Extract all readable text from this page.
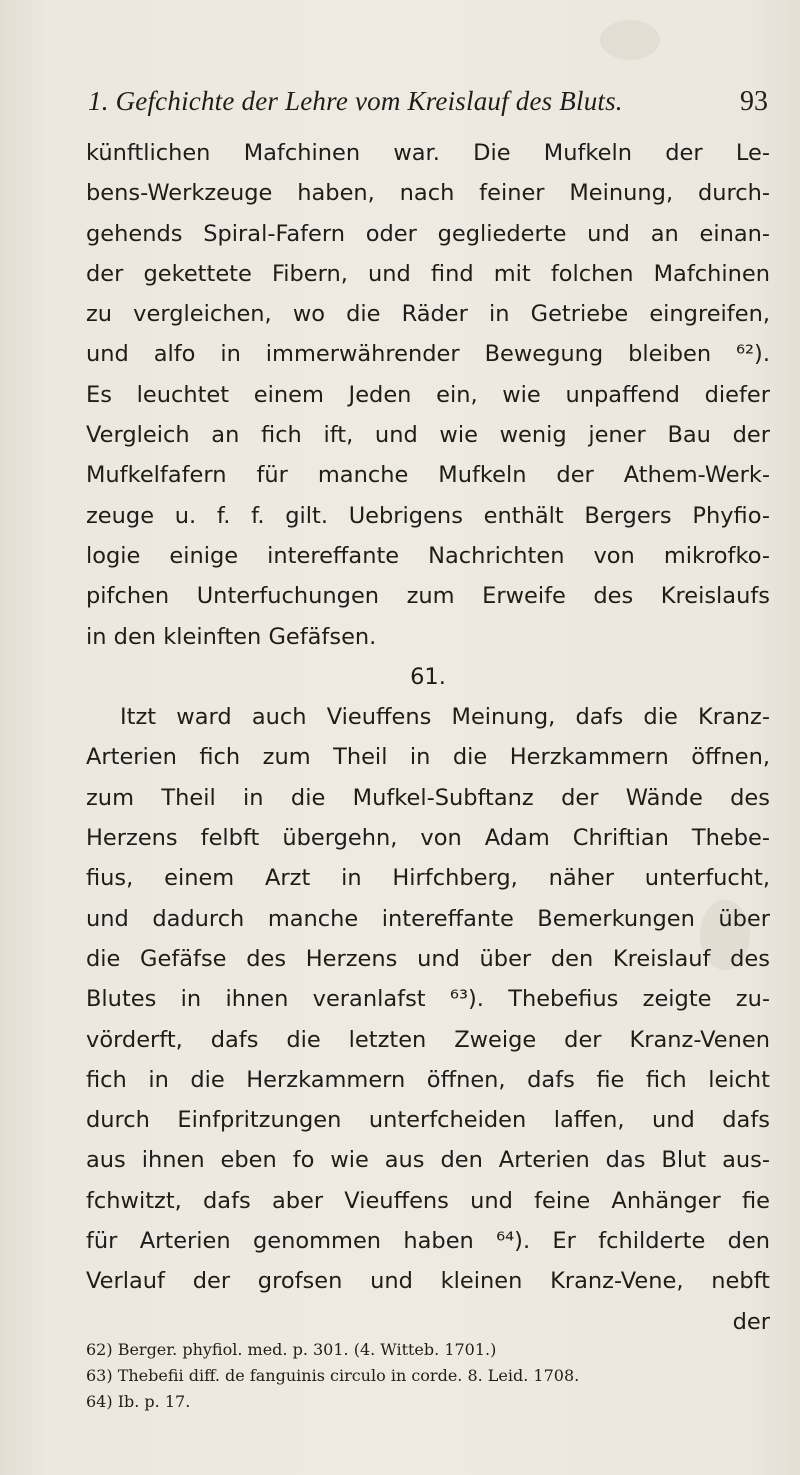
1. Gefchichte der Lehre vom Kreislauf des Bluts.	93
künftlichen Mafchinen war. Die Mufkeln der Le-
bens-Werkzeuge haben, nach feiner Meinung, durch-
gehends Spiral-Fafern oder gegliederte und an einan-
der gekettete Fibern, und find mit folchen Mafchinen
zu vergleichen, wo die Räder in Getriebe eingreifen,
und alfo in immerwährender Bewegung bleiben ⁶²).
Es leuchtet einem Jeden ein, wie unpaffend diefer
Vergleich an fich ift, und wie wenig jener Bau der
Mufkelfafern für manche Mufkeln der Athem-Werk-
zeuge u. f. f. gilt. Uebrigens enthält Bergers Phyfio-
logie einige intereffante Nachrichten von mikrofko-
pifchen Unterfuchungen zum Erweife des Kreislaufs
in den kleinften Gefäfsen.
61.
Itzt ward auch Vieuffens Meinung, dafs die Kranz-
Arterien fich zum Theil in die Herzkammern öffnen,
zum Theil in die Mufkel-Subftanz der Wände des
Herzens felbft übergehn, von Adam Chriftian Thebe-
fius, einem Arzt in Hirfchberg, näher unterfucht,
und dadurch manche intereffante Bemerkungen über
die Gefäfse des Herzens und über den Kreislauf des
Blutes in ihnen veranlafst ⁶³). Thebefius zeigte zu-
vörderft, dafs die letzten Zweige der Kranz-Venen
fich in die Herzkammern öffnen, dafs fie fich leicht
durch Einfpritzungen unterfcheiden laffen, und dafs
aus ihnen eben fo wie aus den Arterien das Blut aus-
fchwitzt, dafs aber Vieuffens und feine Anhänger fie
für Arterien genommen haben ⁶⁴). Er fchilderte den
Verlauf der grofsen und kleinen Kranz-Vene, nebft
der
62) Berger. phyfiol. med. p. 301. (4. Witteb. 1701.)
63) Thebefii diff. de fanguinis circulo in corde. 8. Leid. 1708.
64) Ib. p. 17.
